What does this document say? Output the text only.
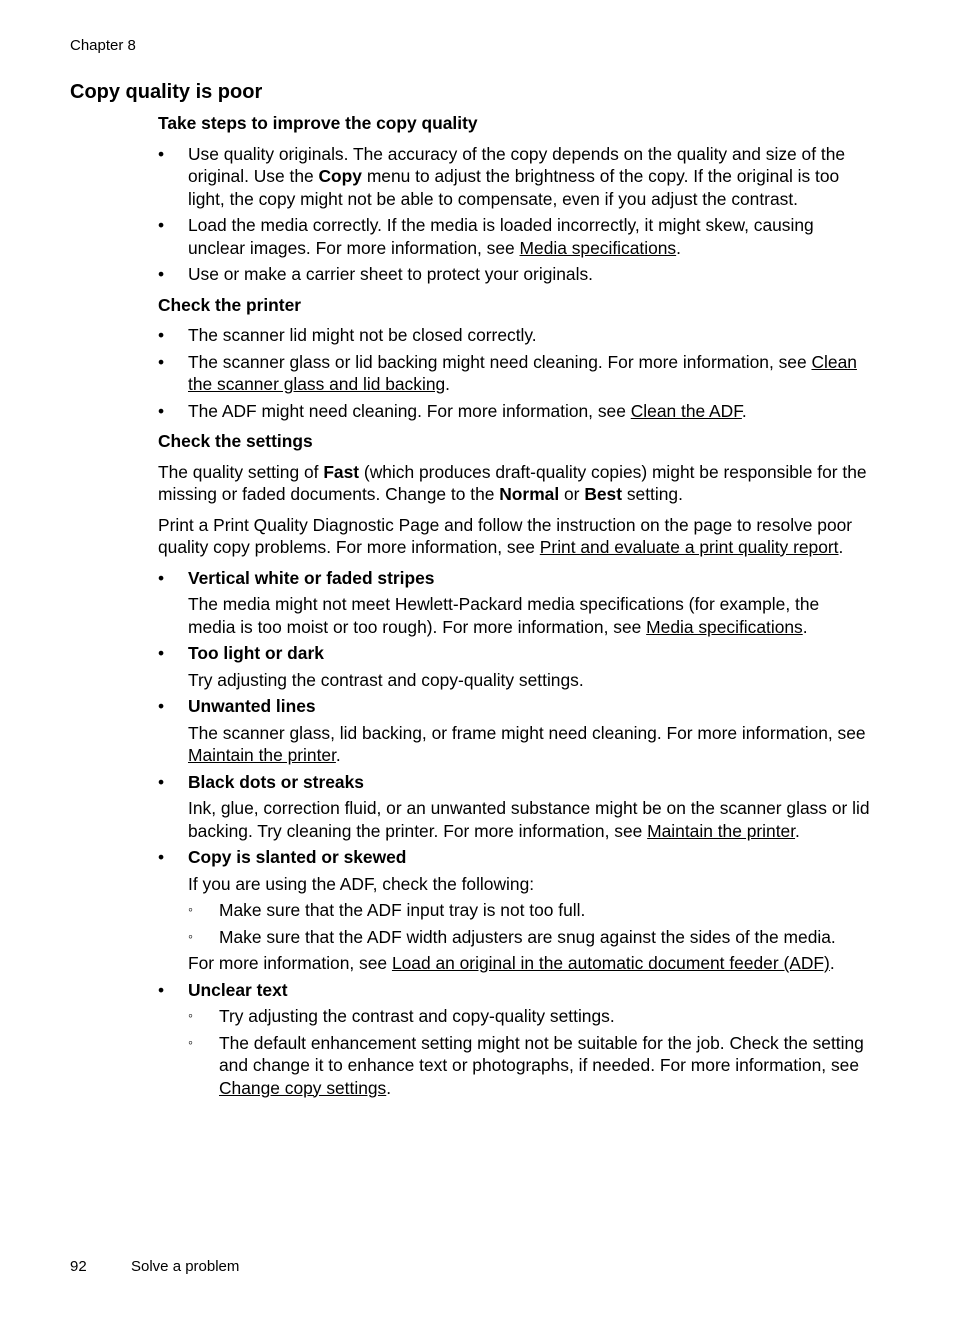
Chapter 8
Copy quality is poor
Take steps to improve the copy quality
• Use quality originals. The accuracy of the copy depends on the quality and size of the original. Use the Copy menu to adjust the brightness of the copy. If the original is too light, the copy might not be able to compensate, even if you adjust the contrast.
• Load the media correctly. If the media is loaded incorrectly, it might skew, causing unclear images. For more information, see Media specifications.
• Use or make a carrier sheet to protect your originals.
Check the printer
• The scanner lid might not be closed correctly.
• The scanner glass or lid backing might need cleaning. For more information, see Clean the scanner glass and lid backing.
• The ADF might need cleaning. For more information, see Clean the ADF.
Check the settings

The quality setting of Fast (which produces draft-quality copies) might be responsible for the missing or faded documents. Change to the Normal or Best setting.

Print a Print Quality Diagnostic Page and follow the instruction on the page to resolve poor quality copy problems. For more information, see Print and evaluate a print quality report.

• Vertical white or faded stripes
The media might not meet Hewlett-Packard media specifications (for example, the media is too moist or too rough). For more information, see Media specifications.
• Too light or dark
Try adjusting the contrast and copy-quality settings.
• Unwanted lines
The scanner glass, lid backing, or frame might need cleaning. For more information, see Maintain the printer.
• Black dots or streaks
Ink, glue, correction fluid, or an unwanted substance might be on the scanner glass or lid backing. Try cleaning the printer. For more information, see Maintain the printer.
• Copy is slanted or skewed
If you are using the ADF, check the following:
◦ Make sure that the ADF input tray is not too full.
◦ Make sure that the ADF width adjusters are snug against the sides of the media.
For more information, see Load an original in the automatic document feeder (ADF).
• Unclear text
◦ Try adjusting the contrast and copy-quality settings.
◦ The default enhancement setting might not be suitable for the job. Check the setting and change it to enhance text or photographs, if needed. For more information, see Change copy settings.
92	Solve a problem
